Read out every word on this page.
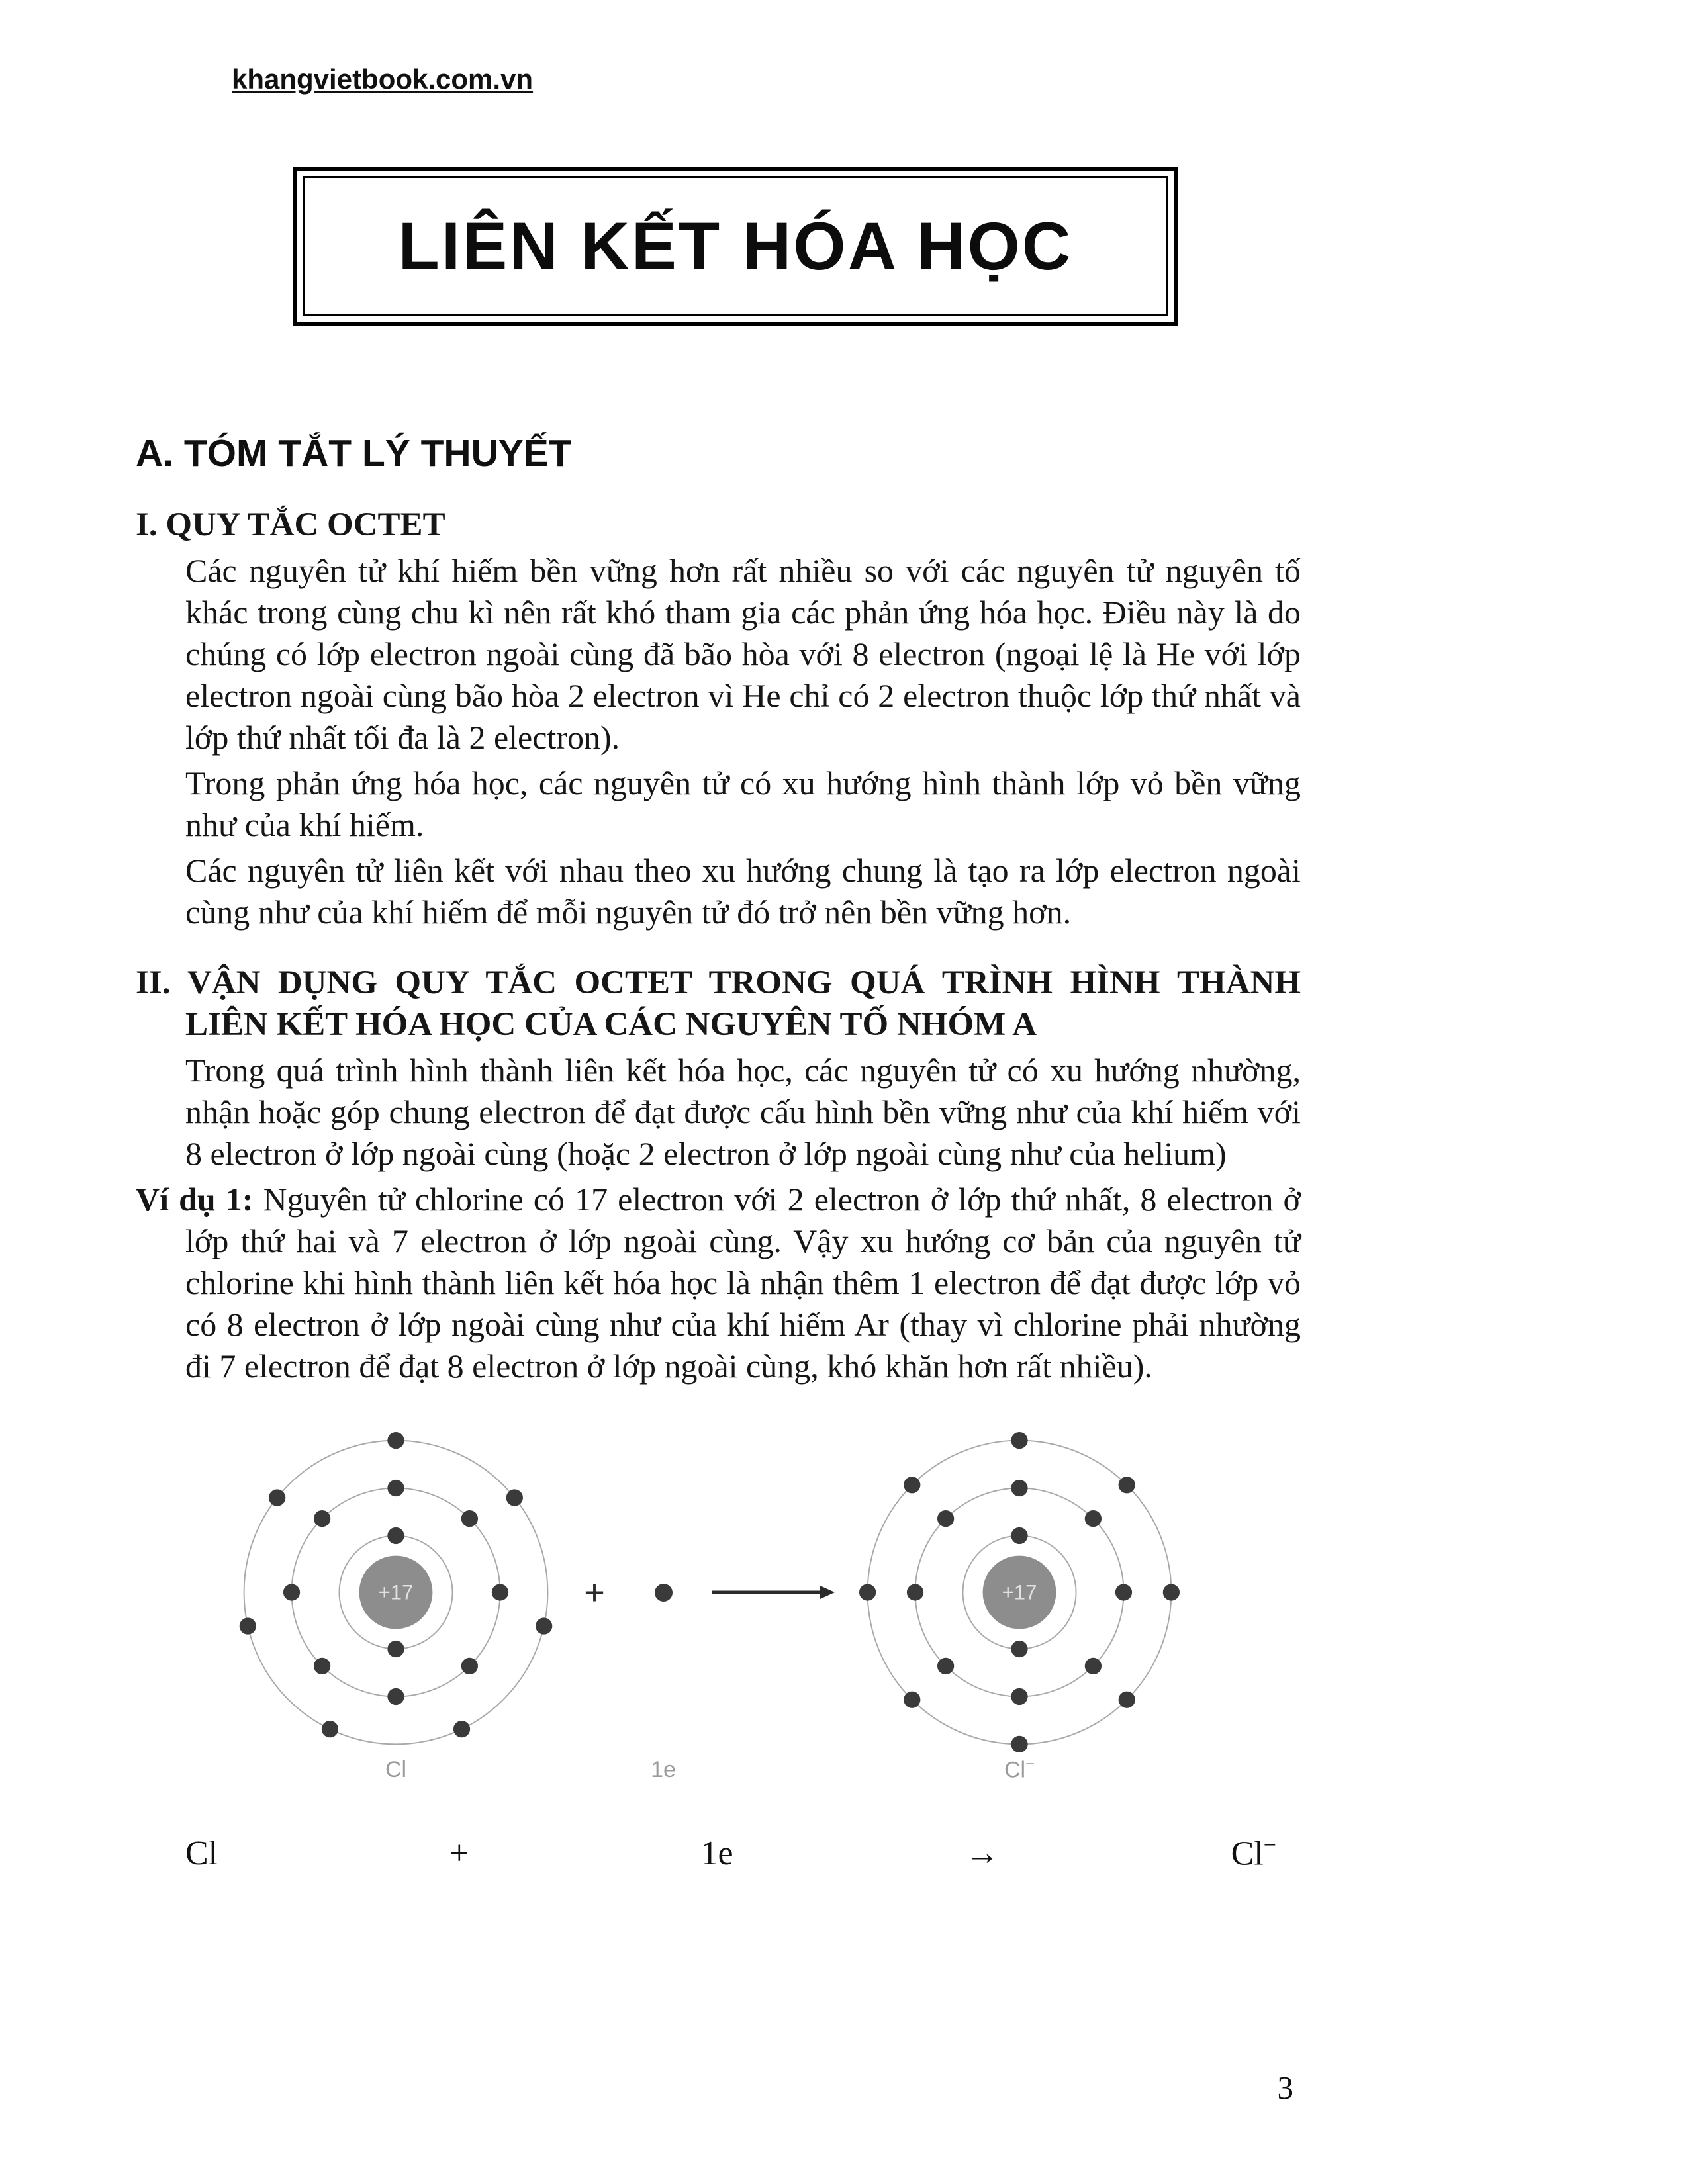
khangvietbook.com.vn
LIÊN KẾT HÓA HỌC
A. TÓM TẮT LÝ THUYẾT
I. QUY TẮC OCTET

Các nguyên tử khí hiếm bền vững hơn rất nhiều so với các nguyên tử nguyên tố khác trong cùng chu kì nên rất khó tham gia các phản ứng hóa học. Điều này là do chúng có lớp electron ngoài cùng đã bão hòa với 8 electron (ngoại lệ là He với lớp electron ngoài cùng bão hòa 2 electron vì He chỉ có 2 electron thuộc lớp thứ nhất và lớp thứ nhất tối đa là 2 electron).

Trong phản ứng hóa học, các nguyên tử có xu hướng hình thành lớp vỏ bền vững như của khí hiếm.

Các nguyên tử liên kết với nhau theo xu hướng chung là tạo ra lớp electron ngoài cùng như của khí hiếm để mỗi nguyên tử đó trở nên bền vững hơn.

II. VẬN DỤNG QUY TẮC OCTET TRONG QUÁ TRÌNH HÌNH THÀNH LIÊN KẾT HÓA HỌC CỦA CÁC NGUYÊN TỐ NHÓM A

Trong quá trình hình thành liên kết hóa học, các nguyên tử có xu hướng nhường, nhận hoặc góp chung electron để đạt được cấu hình bền vững như của khí hiếm với 8 electron ở lớp ngoài cùng (hoặc 2 electron ở lớp ngoài cùng như của helium)

Ví dụ 1: Nguyên tử chlorine có 17 electron với 2 electron ở lớp thứ nhất, 8 electron ở lớp thứ hai và 7 electron ở lớp ngoài cùng. Vậy xu hướng cơ bản của nguyên tử chlorine khi hình thành liên kết hóa học là nhận thêm 1 electron để đạt được lớp vỏ có 8 electron ở lớp ngoài cùng như của khí hiếm Ar (thay vì chlorine phải nhường đi 7 electron để đạt 8 electron ở lớp ngoài cùng, khó khăn hơn rất nhiều).

+17
Cl
+
1e
+17
Cl−
Cl	+	1e	→	Cl−
3
